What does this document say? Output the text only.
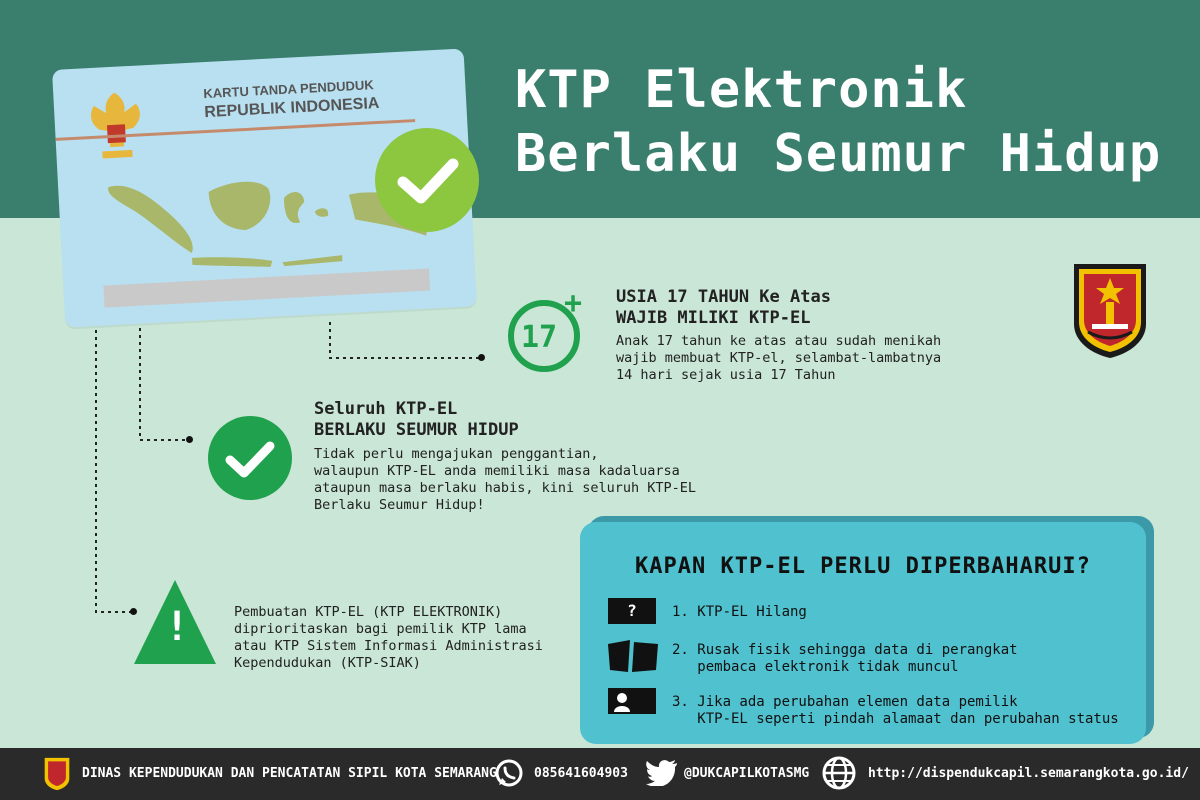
KTP Elektronik
Berlaku Seumur Hidup
KARTU TANDA PENDUDUK
REPUBLIK INDONESIA
17
+ USIA 17 TAHUN Ke Atas
WAJIB MILIKI KTP-EL
Anak 17 tahun ke atas atau sudah menikah
wajib membuat KTP-el, selambat-lambatnya
14 hari sejak usia 17 Tahun
Seluruh KTP-EL
BERLAKU SEUMUR HIDUP
Tidak perlu mengajukan penggantian,
walaupun KTP-EL anda memiliki masa kadaluarsa
ataupun masa berlaku habis, kini seluruh KTP-EL
Berlaku Seumur Hidup!
!	Pembuatan KTP-EL (KTP ELEKTRONIK)
diprioritaskan bagi pemilik KTP lama
atau KTP Sistem Informasi Administrasi
Kependudukan (KTP-SIAK)
KAPAN KTP-EL PERLU DIPERBAHARUI?
?	1. KTP-EL Hilang
2. Rusak fisik sehingga data di perangkat
pembaca elektronik tidak muncul
3. Jika ada perubahan elemen data pemilik
KTP-EL seperti pindah alamaat dan perubahan status
DINAS KEPENDUDUKAN DAN PENCATATAN SIPIL KOTA SEMARANG	085641604903	@DUKCAPILKOTASMG	http://dispendukcapil.semarangkota.go.id/
